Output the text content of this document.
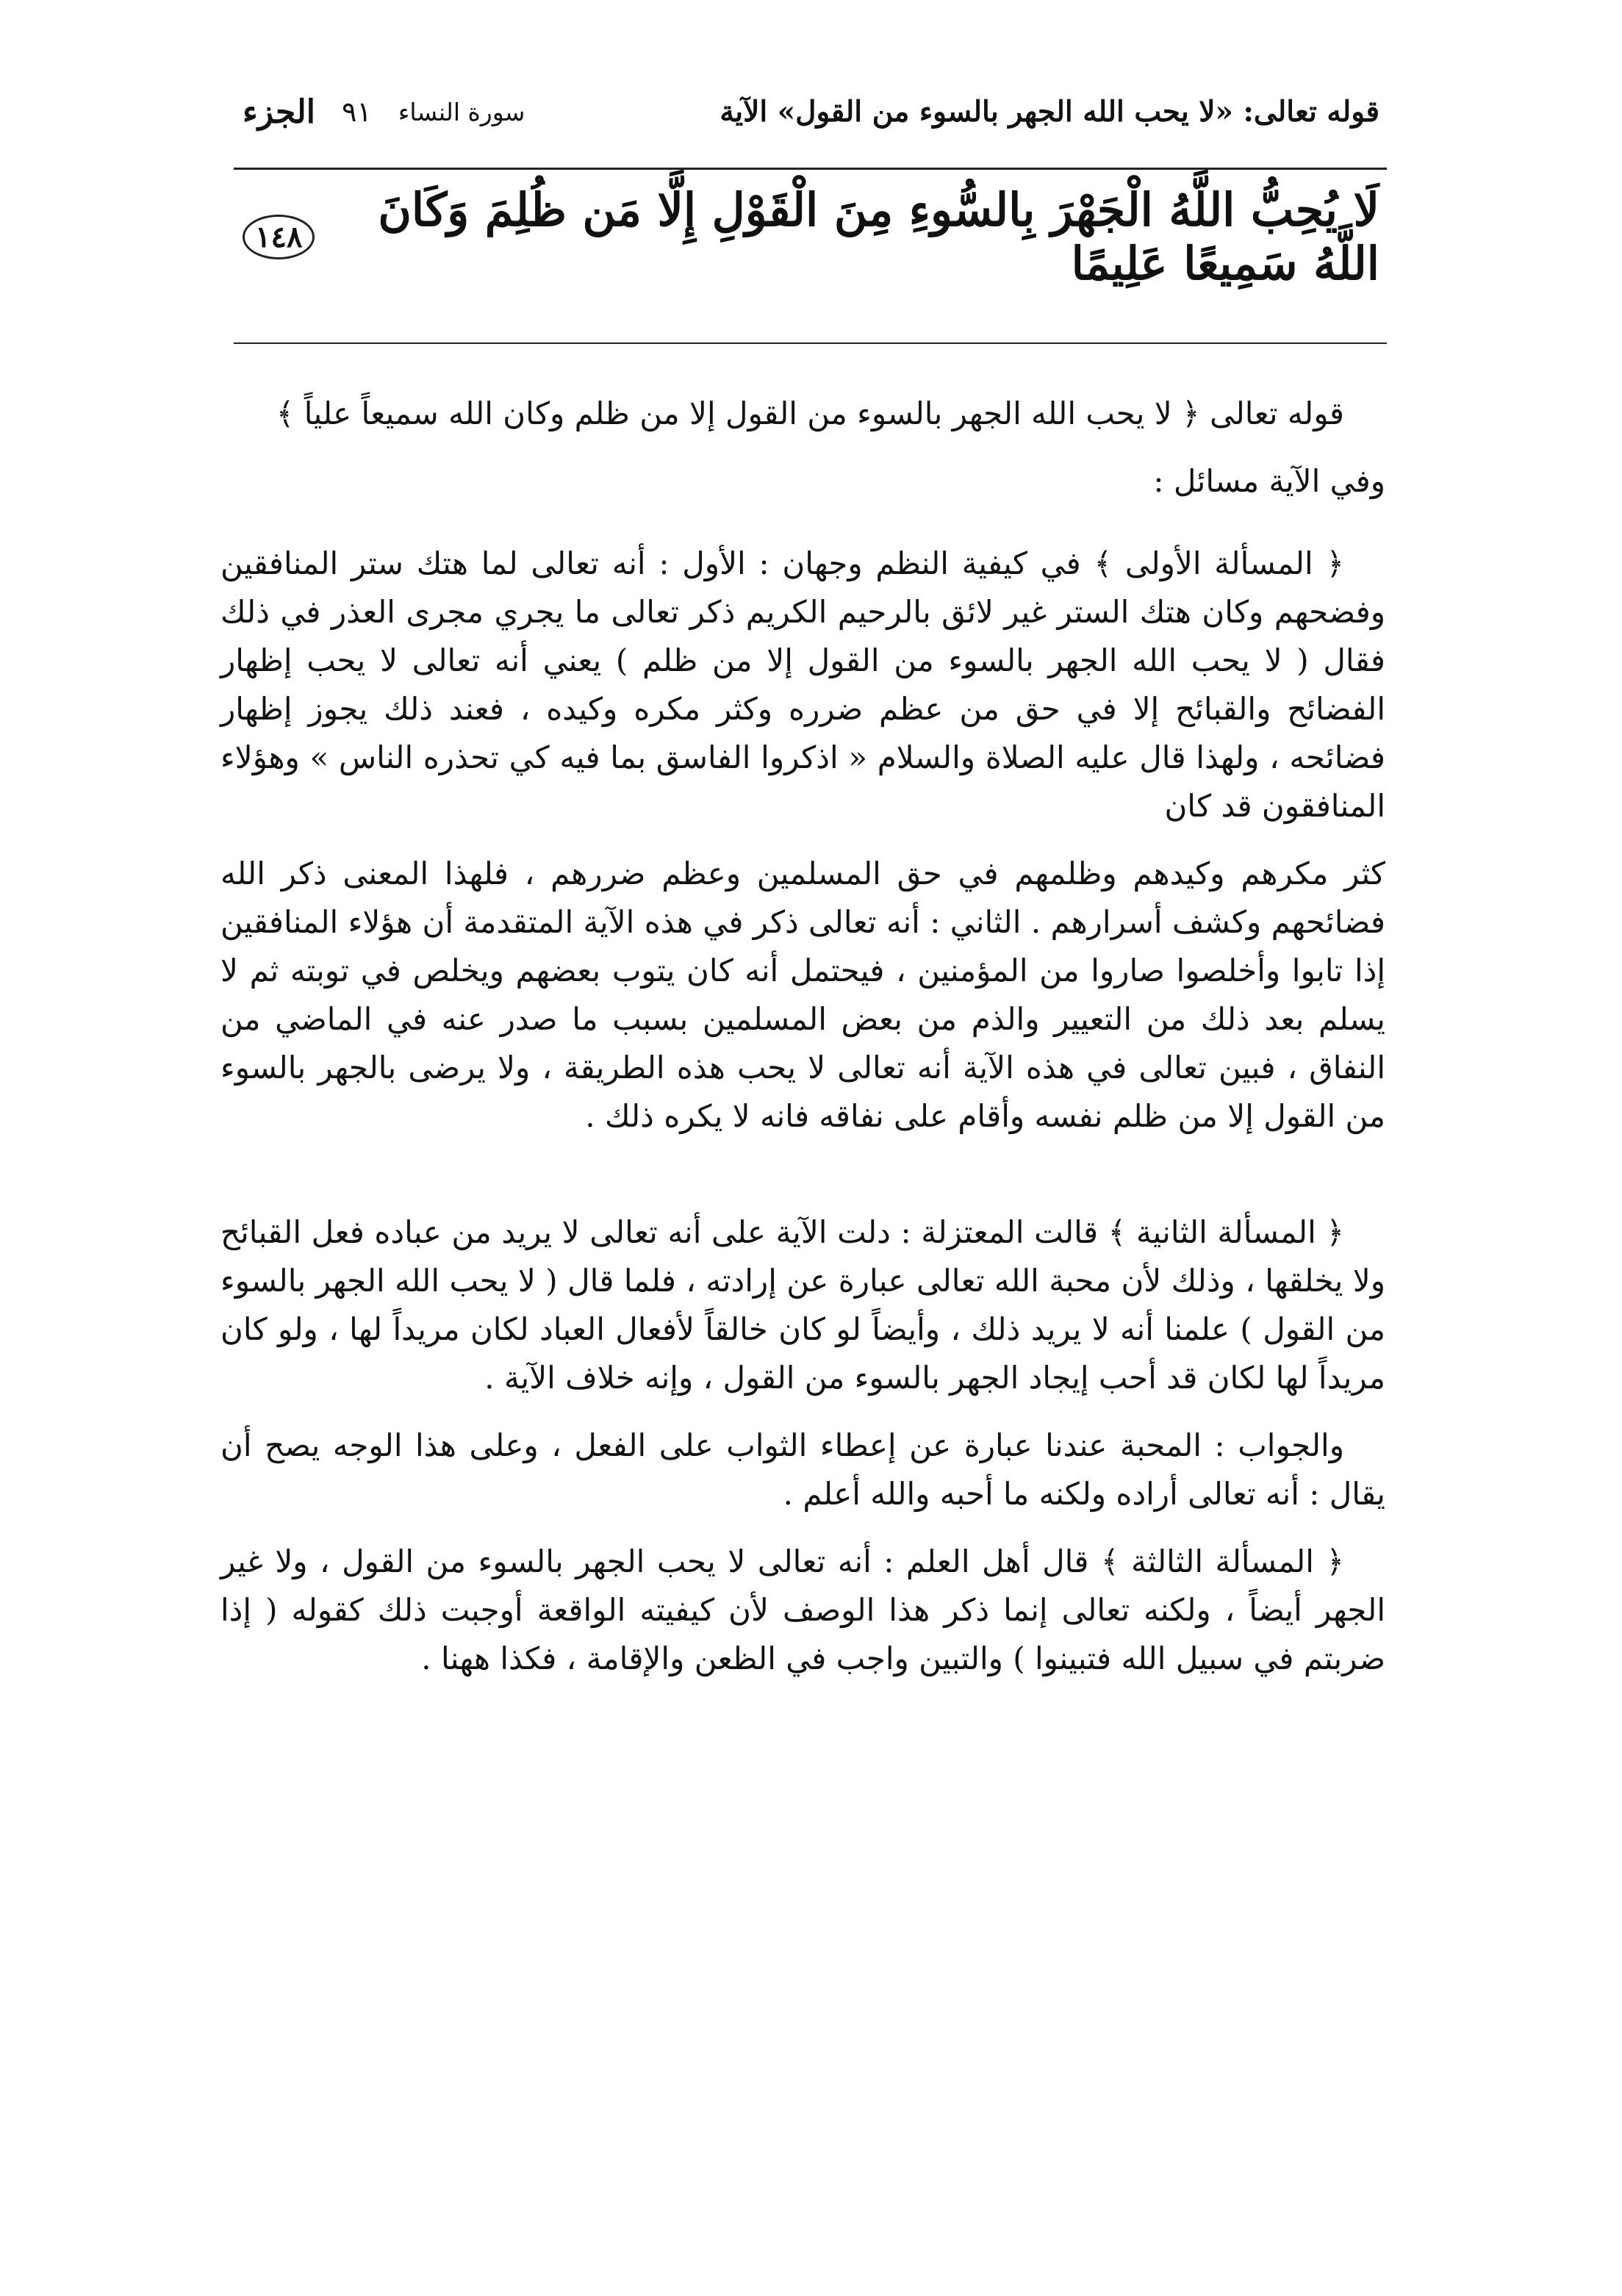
قوله تعالى: «لا يحب الله الجهر بالسوء من القول» الآية
سورة النساء
٩١
الجزء
لَا يُحِبُّ اللَّهُ الْجَهْرَ بِالسُّوءِ مِنَ الْقَوْلِ إِلَّا مَن ظُلِمَ وَكَانَ اللَّهُ سَمِيعًا عَلِيمًا
١٤٨

قوله تعالى ﴿ لا يحب الله الجهر بالسوء من القول إلا من ظلم وكان الله سميعاً علياً ﴾

وفي الآية مسائل :

﴿ المسألة الأولى ﴾ في كيفية النظم وجهان : الأول : أنه تعالى لما هتك ستر المنافقين وفضحهم وكان هتك الستر غير لائق بالرحيم الكريم ذكر تعالى ما يجري مجرى العذر في ذلك فقال ( لا يحب الله الجهر بالسوء من القول إلا من ظلم ) يعني أنه تعالى لا يحب إظهار الفضائح والقبائح إلا في حق من عظم ضرره وكثر مكره وكيده ، فعند ذلك يجوز إظهار فضائحه ، ولهذا قال عليه الصلاة والسلام « اذكروا الفاسق بما فيه كي تحذره الناس » وهؤلاء المنافقون قد كان

كثر مكرهم وكيدهم وظلمهم في حق المسلمين وعظم ضررهم ، فلهذا المعنى ذكر الله فضائحهم وكشف أسرارهم . الثاني : أنه تعالى ذكر في هذه الآية المتقدمة أن هؤلاء المنافقين إذا تابوا وأخلصوا صاروا من المؤمنين ، فيحتمل أنه كان يتوب بعضهم ويخلص في توبته ثم لا يسلم بعد ذلك من التعيير والذم من بعض المسلمين بسبب ما صدر عنه في الماضي من النفاق ، فبين تعالى في هذه الآية أنه تعالى لا يحب هذه الطريقة ، ولا يرضى بالجهر بالسوء من القول إلا من ظلم نفسه وأقام على نفاقه فانه لا يكره ذلك .

﴿ المسألة الثانية ﴾ قالت المعتزلة : دلت الآية على أنه تعالى لا يريد من عباده فعل القبائح ولا يخلقها ، وذلك لأن محبة الله تعالى عبارة عن إرادته ، فلما قال ( لا يحب الله الجهر بالسوء من القول ) علمنا أنه لا يريد ذلك ، وأيضاً لو كان خالقاً لأفعال العباد لكان مريداً لها ، ولو كان مريداً لها لكان قد أحب إيجاد الجهر بالسوء من القول ، وإنه خلاف الآية .

والجواب : المحبة عندنا عبارة عن إعطاء الثواب على الفعل ، وعلى هذا الوجه يصح أن يقال : أنه تعالى أراده ولكنه ما أحبه والله أعلم .

﴿ المسألة الثالثة ﴾ قال أهل العلم : أنه تعالى لا يحب الجهر بالسوء من القول ، ولا غير الجهر أيضاً ، ولكنه تعالى إنما ذكر هذا الوصف لأن كيفيته الواقعة أوجبت ذلك كقوله ( إذا ضربتم في سبيل الله فتبينوا ) والتبين واجب في الظعن والإقامة ، فكذا ههنا .
